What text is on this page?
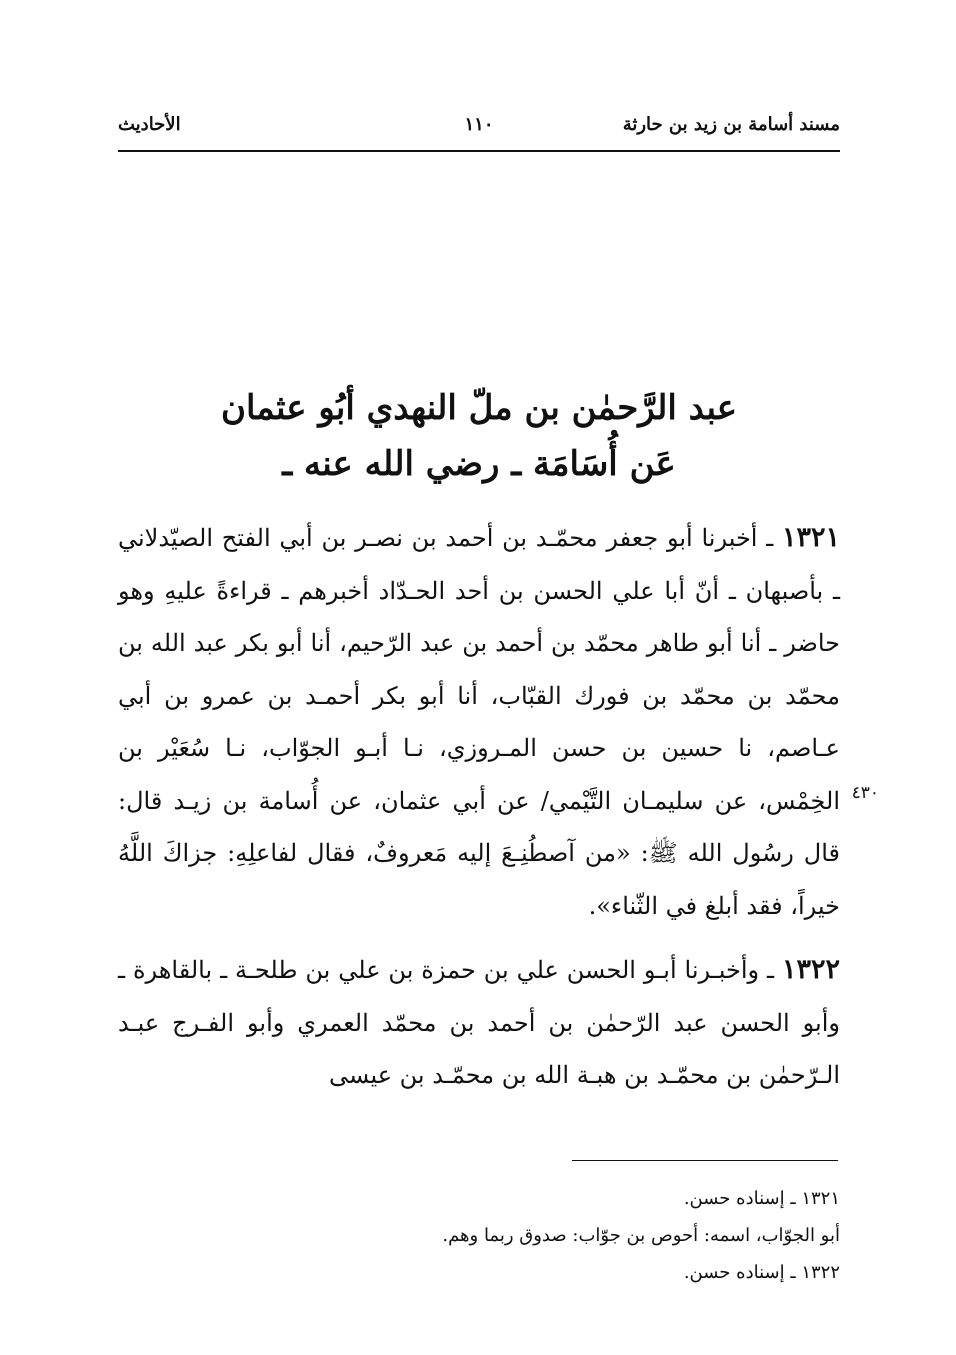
مسند أسامة بن زيد بن حارثة
١١٠
الأحاديث
عبد الرَّحمٰن بن ملّ النهدي أبُو عثمان
عَن أُسَامَة ـ رضي الله عنه ـ

١٣٢١ ـ أخبرنا أبو جعفر محمّـد بن أحمد بن نصـر بن أبي الفتح الصيّدلاني ـ بأصبهان ـ أنّ أبا علي الحسن بن أحد الحـدّاد أخبرهم ـ قراءةً عليهِ وهو حاضر ـ أنا أبو طاهر محمّد بن أحمد بن عبد الرّحيم، أنا أبو بكر عبد الله بن محمّد بن محمّد بن فورك القبّاب، أنا أبو بكر أحمـد بن عمرو بن أبي عـاصم، نا حسين بن حسن المـروزي، نـا أبـو الجوّاب، نـا سُعَيْر بن الخِمْس، عن سليمـان التَّيْمي/ عن أبي عثمان، عن أُسامة بن زيـد قال: قال رسُول الله ﷺ: «من آصطُنِـعَ إليه مَعروفٌ، فقال لفاعلِهِ: جزاكَ اللَّهُ خيراً، فقد أبلغ في الثّناء».

١٣٢٢ ـ وأخبـرنا أبـو الحسن علي بن حمزة بن علي بن طلحـة ـ بالقاهرة ـ وأبو الحسن عبد الرّحمٰن بن أحمد بن محمّد العمري وأبو الفـرج عبـد الـرّحمٰن بن محمّـد بن هبـة الله بن محمّـد بن عيسى

٤٣٠
١٣٢١ ـ إسناده حسن.
أبو الجوّاب، اسمه: أحوص بن جوّاب: صدوق ربما وهم.
١٣٢٢ ـ إسناده حسن.
